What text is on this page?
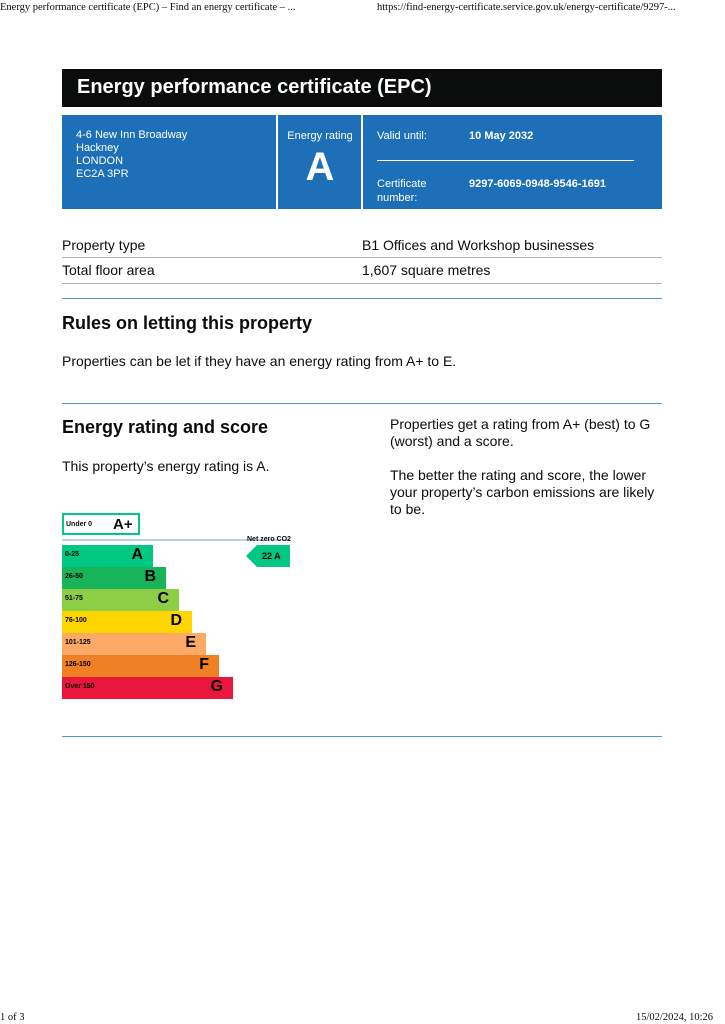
Energy performance certificate (EPC) – Find an energy certificate – ...	https://find-energy-certificate.service.gov.uk/energy-certificate/9297-...
1 of 3	15/02/2024, 10:26
Energy performance certificate (EPC)
4-6 New Inn Broadway
Hackney
LONDON
EC2A 3PR
Energy rating
A
Valid until:	10 May 2032
Certificate
number:
9297-6069-0948-9546-1691
Property type	B1 Offices and Workshop businesses
Total floor area	1,607 square metres
Rules on letting this property
Properties can be let if they have an energy rating from A+ to E.
Energy rating and score
This property’s energy rating is A.
Properties get a rating from A+ (best) to G (worst) and a score.
The better the rating and score, the lower your property’s carbon emissions are likely to be.
Under 0 A+
Net zero CO2
0-25	A
26-50	B
51-75	C
76-100	D
101-125	E
126-150	F
Over 150	G
22 A
